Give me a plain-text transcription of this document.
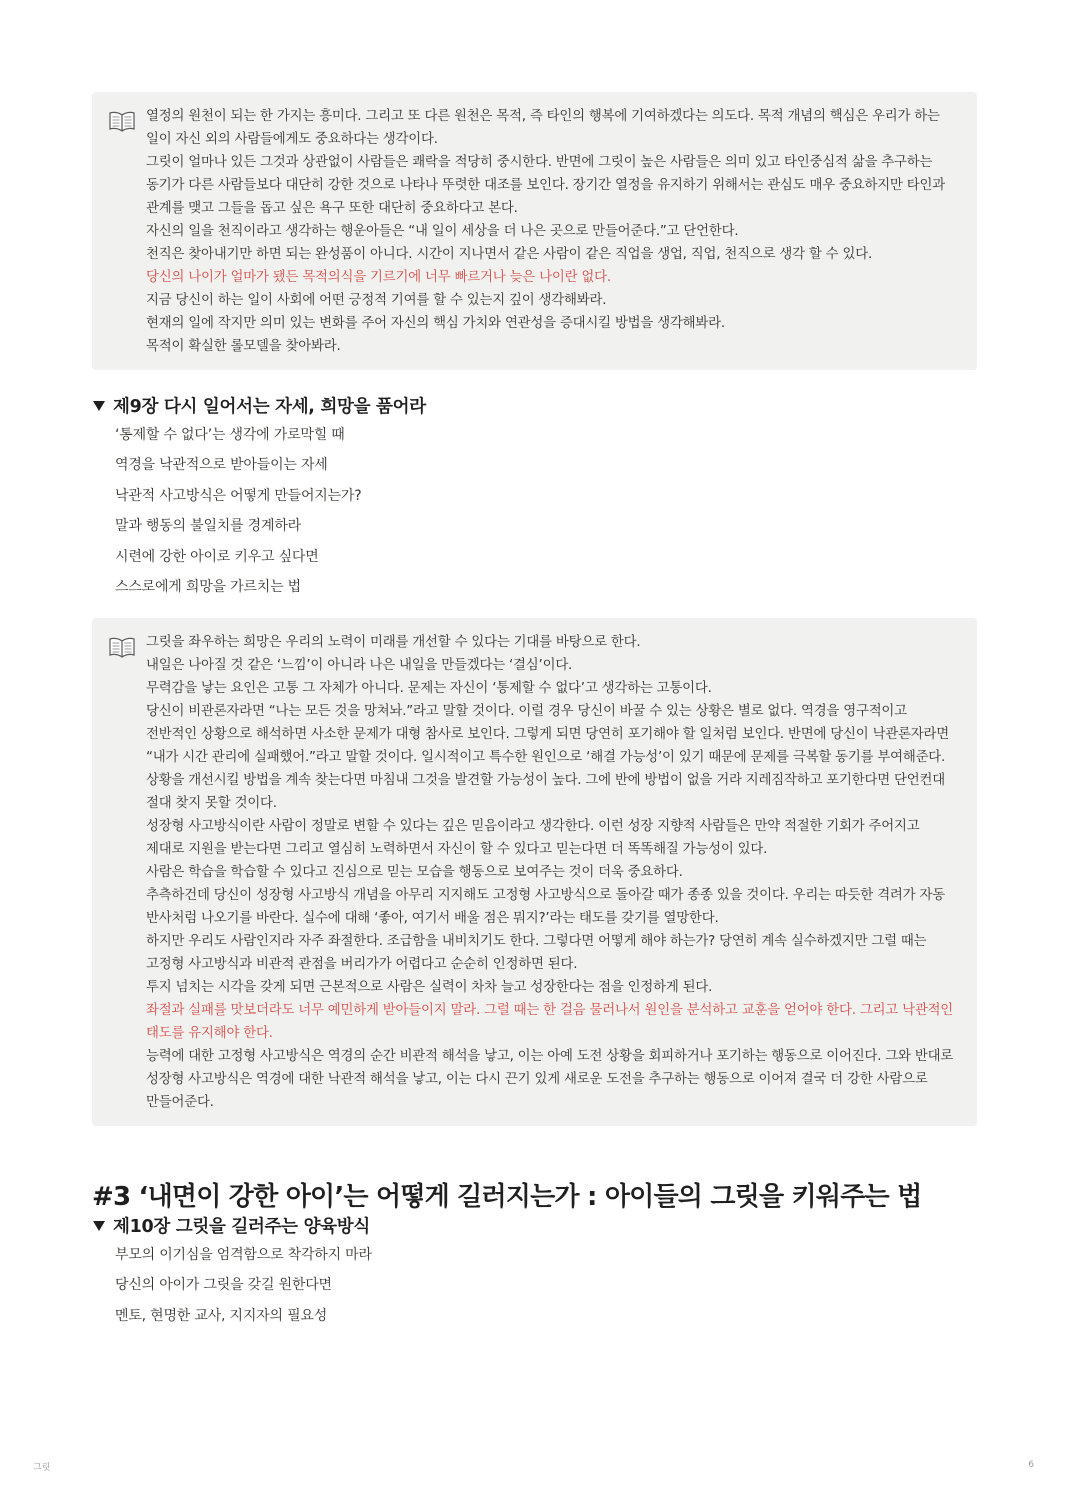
열정의 원천이 되는 한 가지는 흥미다. 그리고 또 다른 원천은 목적, 즉 타인의 행복에 기여하겠다는 의도다. 목적 개념의 핵심은 우리가 하는 일이 자신 외의 사람들에게도 중요하다는 생각이다.

그릿이 얼마나 있든 그것과 상관없이 사람들은 쾌락을 적당히 중시한다. 반면에 그릿이 높은 사람들은 의미 있고 타인중심적 삶을 추구하는 동기가 다른 사람들보다 대단히 강한 것으로 나타나 뚜렷한 대조를 보인다. 장기간 열정을 유지하기 위해서는 관심도 매우 중요하지만 타인과 관계를 맺고 그들을 돕고 싶은 욕구 또한 대단히 중요하다고 본다.

자신의 일을 천직이라고 생각하는 행운아들은 “내 일이 세상을 더 나은 곳으로 만들어준다.”고 단언한다.

천직은 찾아내기만 하면 되는 완성품이 아니다. 시간이 지나면서 같은 사람이 같은 직업을 생업, 직업, 천직으로 생각 할 수 있다.

당신의 나이가 얼마가 됐든 목적의식을 기르기에 너무 빠르거나 늦은 나이란 없다.

지금 당신이 하는 일이 사회에 어떤 긍정적 기여를 할 수 있는지 깊이 생각해봐라.

현재의 일에 작지만 의미 있는 변화를 주어 자신의 핵심 가치와 연관성을 증대시킬 방법을 생각해봐라.

목적이 확실한 롤모델을 찾아봐라.

제9장 다시 일어서는 자세, 희망을 품어라
‘통제할 수 없다’는 생각에 가로막힐 때
역경을 낙관적으로 받아들이는 자세
낙관적 사고방식은 어떻게 만들어지는가?
말과 행동의 불일치를 경계하라
시련에 강한 아이로 키우고 싶다면
스스로에게 희망을 가르치는 법

그릿을 좌우하는 희망은 우리의 노력이 미래를 개선할 수 있다는 기대를 바탕으로 한다.

내일은 나아질 것 같은 ‘느낌’이 아니라 나은 내일을 만들겠다는 ‘결심’이다.

무력감을 낳는 요인은 고통 그 자체가 아니다. 문제는 자신이 ‘통제할 수 없다’고 생각하는 고통이다.

당신이 비관론자라면 “나는 모든 것을 망쳐놔.”라고 말할 것이다. 이럴 경우 당신이 바꿀 수 있는 상황은 별로 없다. 역경을 영구적이고 전반적인 상황으로 해석하면 사소한 문제가 대형 참사로 보인다. 그렇게 되면 당연히 포기해야 할 일처럼 보인다. 반면에 당신이 낙관론자라면 “내가 시간 관리에 실패했어.”라고 말할 것이다. 일시적이고 특수한 원인으로 ‘해결 가능성’이 있기 때문에 문제를 극복할 동기를 부여해준다.

상황을 개선시킬 방법을 계속 찾는다면 마침내 그것을 발견할 가능성이 높다. 그에 반에 방법이 없을 거라 지레짐작하고 포기한다면 단언컨대 절대 찾지 못할 것이다.

성장형 사고방식이란 사람이 정말로 변할 수 있다는 깊은 믿음이라고 생각한다. 이런 성장 지향적 사람들은 만약 적절한 기회가 주어지고 제대로 지원을 받는다면 그리고 열심히 노력하면서 자신이 할 수 있다고 믿는다면 더 똑똑해질 가능성이 있다.

사람은 학습을 학습할 수 있다고 진심으로 믿는 모습을 행동으로 보여주는 것이 더욱 중요하다.

추측하건데 당신이 성장형 사고방식 개념을 아무리 지지해도 고정형 사고방식으로 돌아갈 때가 종종 있을 것이다. 우리는 따듯한 격려가 자동 반사처럼 나오기를 바란다. 실수에 대해 ‘좋아, 여기서 배울 점은 뭐지?’라는 태도를 갖기를 열망한다.

하지만 우리도 사람인지라 자주 좌절한다. 조급함을 내비치기도 한다. 그렇다면 어떻게 해야 하는가? 당연히 계속 실수하겠지만 그럴 때는 고정형 사고방식과 비관적 관점을 버리가가 어렵다고 순순히 인정하면 된다.

투지 넘치는 시각을 갖게 되면 근본적으로 사람은 실력이 차차 늘고 성장한다는 점을 인정하게 된다.

좌절과 실패를 맛보더라도 너무 예민하게 받아들이지 말라. 그럴 때는 한 걸음 물러나서 원인을 분석하고 교훈을 얻어야 한다. 그리고 낙관적인 태도를 유지해야 한다.

능력에 대한 고정형 사고방식은 역경의 순간 비관적 해석을 낳고, 이는 아예 도전 상황을 회피하거나 포기하는 행동으로 이어진다. 그와 반대로 성장형 사고방식은 역경에 대한 낙관적 해석을 낳고, 이는 다시 끈기 있게 새로운 도전을 추구하는 행동으로 이어져 결국 더 강한 사람으로 만들어준다.

#3 ‘내면이 강한 아이’는 어떻게 길러지는가 : 아이들의 그릿을 키워주는 법
제10장 그릿을 길러주는 양육방식
부모의 이기심을 엄격함으로 착각하지 마라
당신의 아이가 그릿을 갖길 원한다면
멘토, 현명한 교사, 지지자의 필요성
그릿	6
